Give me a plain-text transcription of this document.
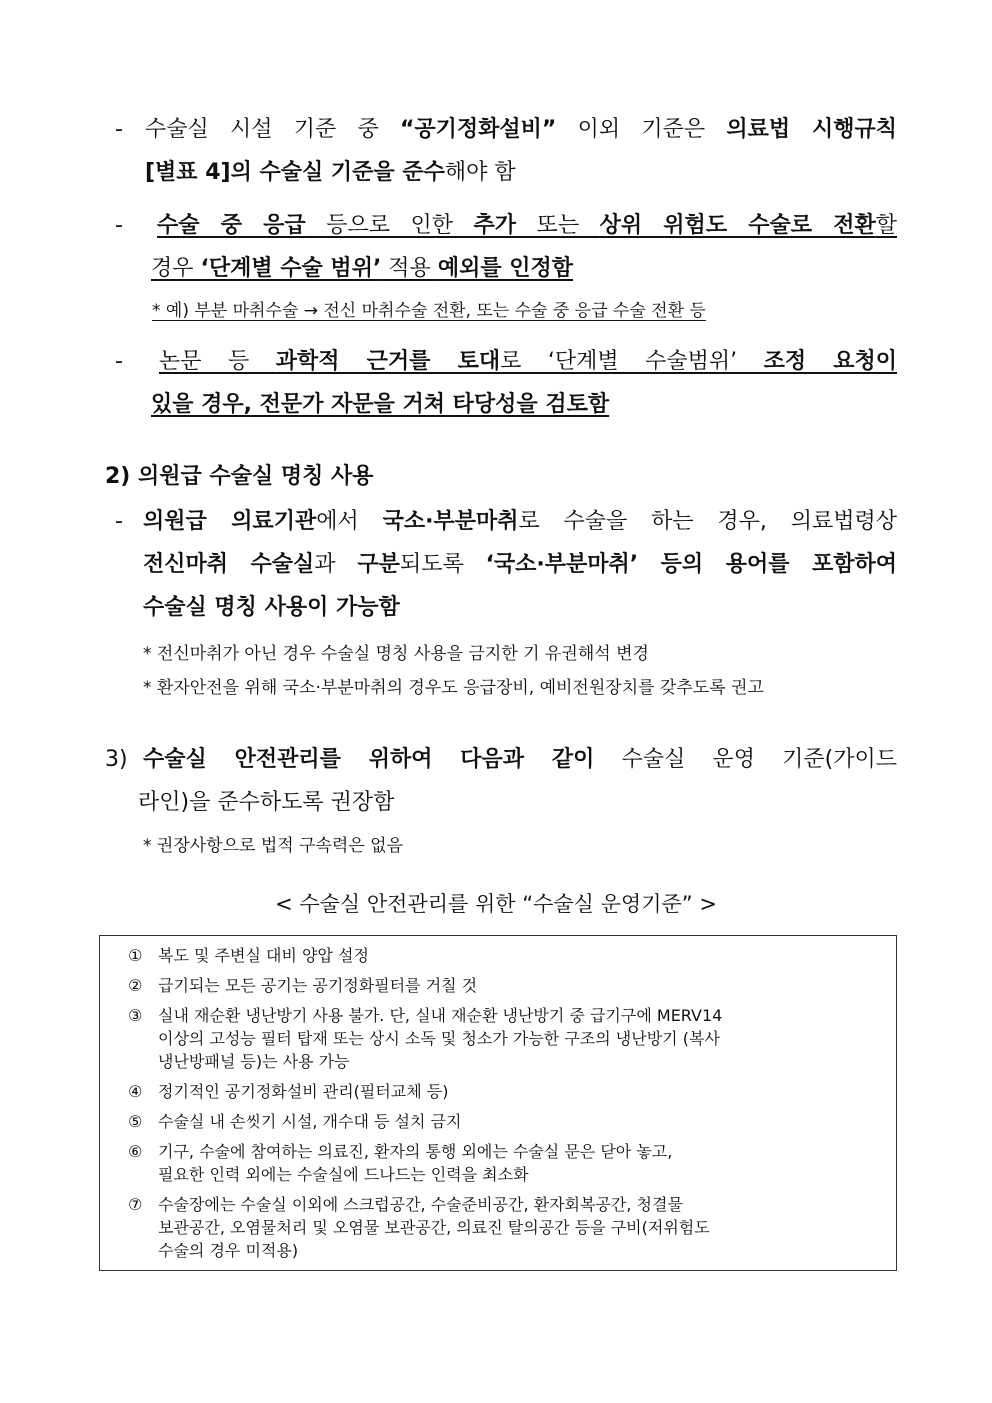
-	수술실 시설 기준 중 “공기정화설비” 이외 기준은 의료법 시행규칙
[별표 4]의 수술실 기준을 준수해야 함
-	수술 중 응급 등으로 인한 추가 또는 상위 위험도 수술로 전환할
경우 ‘단계별 수술 범위’ 적용 예외를 인정함
* 예) 부분 마취수술 → 전신 마취수술 전환, 또는 수술 중 응급 수술 전환 등
-	논문 등 과학적 근거를 토대로 ‘단계별 수술범위’ 조정 요청이
있을 경우, 전문가 자문을 거쳐 타당성을 검토함
2) 의원급 수술실 명칭 사용
- 의원급 의료기관에서 국소·부분마취로 수술을 하는 경우, 의료법령상
전신마취 수술실과 구분되도록 ‘국소·부분마취’ 등의 용어를 포함하여
수술실 명칭 사용이 가능함
* 전신마취가 아닌 경우 수술실 명칭 사용을 금지한 기 유권해석 변경
* 환자안전을 위해 국소·부분마취의 경우도 응급장비, 예비전원장치를 갖추도록 권고
3) 수술실 안전관리를 위하여 다음과 같이 수술실 운영 기준(가이드
라인)을 준수하도록 권장함
* 권장사항으로 법적 구속력은 없음
< 수술실 안전관리를 위한 “수술실 운영기준” >
① 복도 및 주변실 대비 양압 설정
② 급기되는 모든 공기는 공기정화필터를 거칠 것
③ 실내 재순환 냉난방기 사용 불가. 단, 실내 재순환 냉난방기 중 급기구에 MERV14
이상의 고성능 필터 탑재 또는 상시 소독 및 청소가 가능한 구조의 냉난방기 (복사
냉난방패널 등)는 사용 가능
④ 정기적인 공기정화설비 관리(필터교체 등)
⑤ 수술실 내 손씻기 시설, 개수대 등 설치 금지
⑥ 기구, 수술에 참여하는 의료진, 환자의 통행 외에는 수술실 문은 닫아 놓고,
필요한 인력 외에는 수술실에 드나드는 인력을 최소화
⑦ 수술장에는 수술실 이외에 스크럽공간, 수술준비공간, 환자회복공간, 청결물
보관공간, 오염물처리 및 오염물 보관공간, 의료진 탈의공간 등을 구비(저위험도
수술의 경우 미적용)
